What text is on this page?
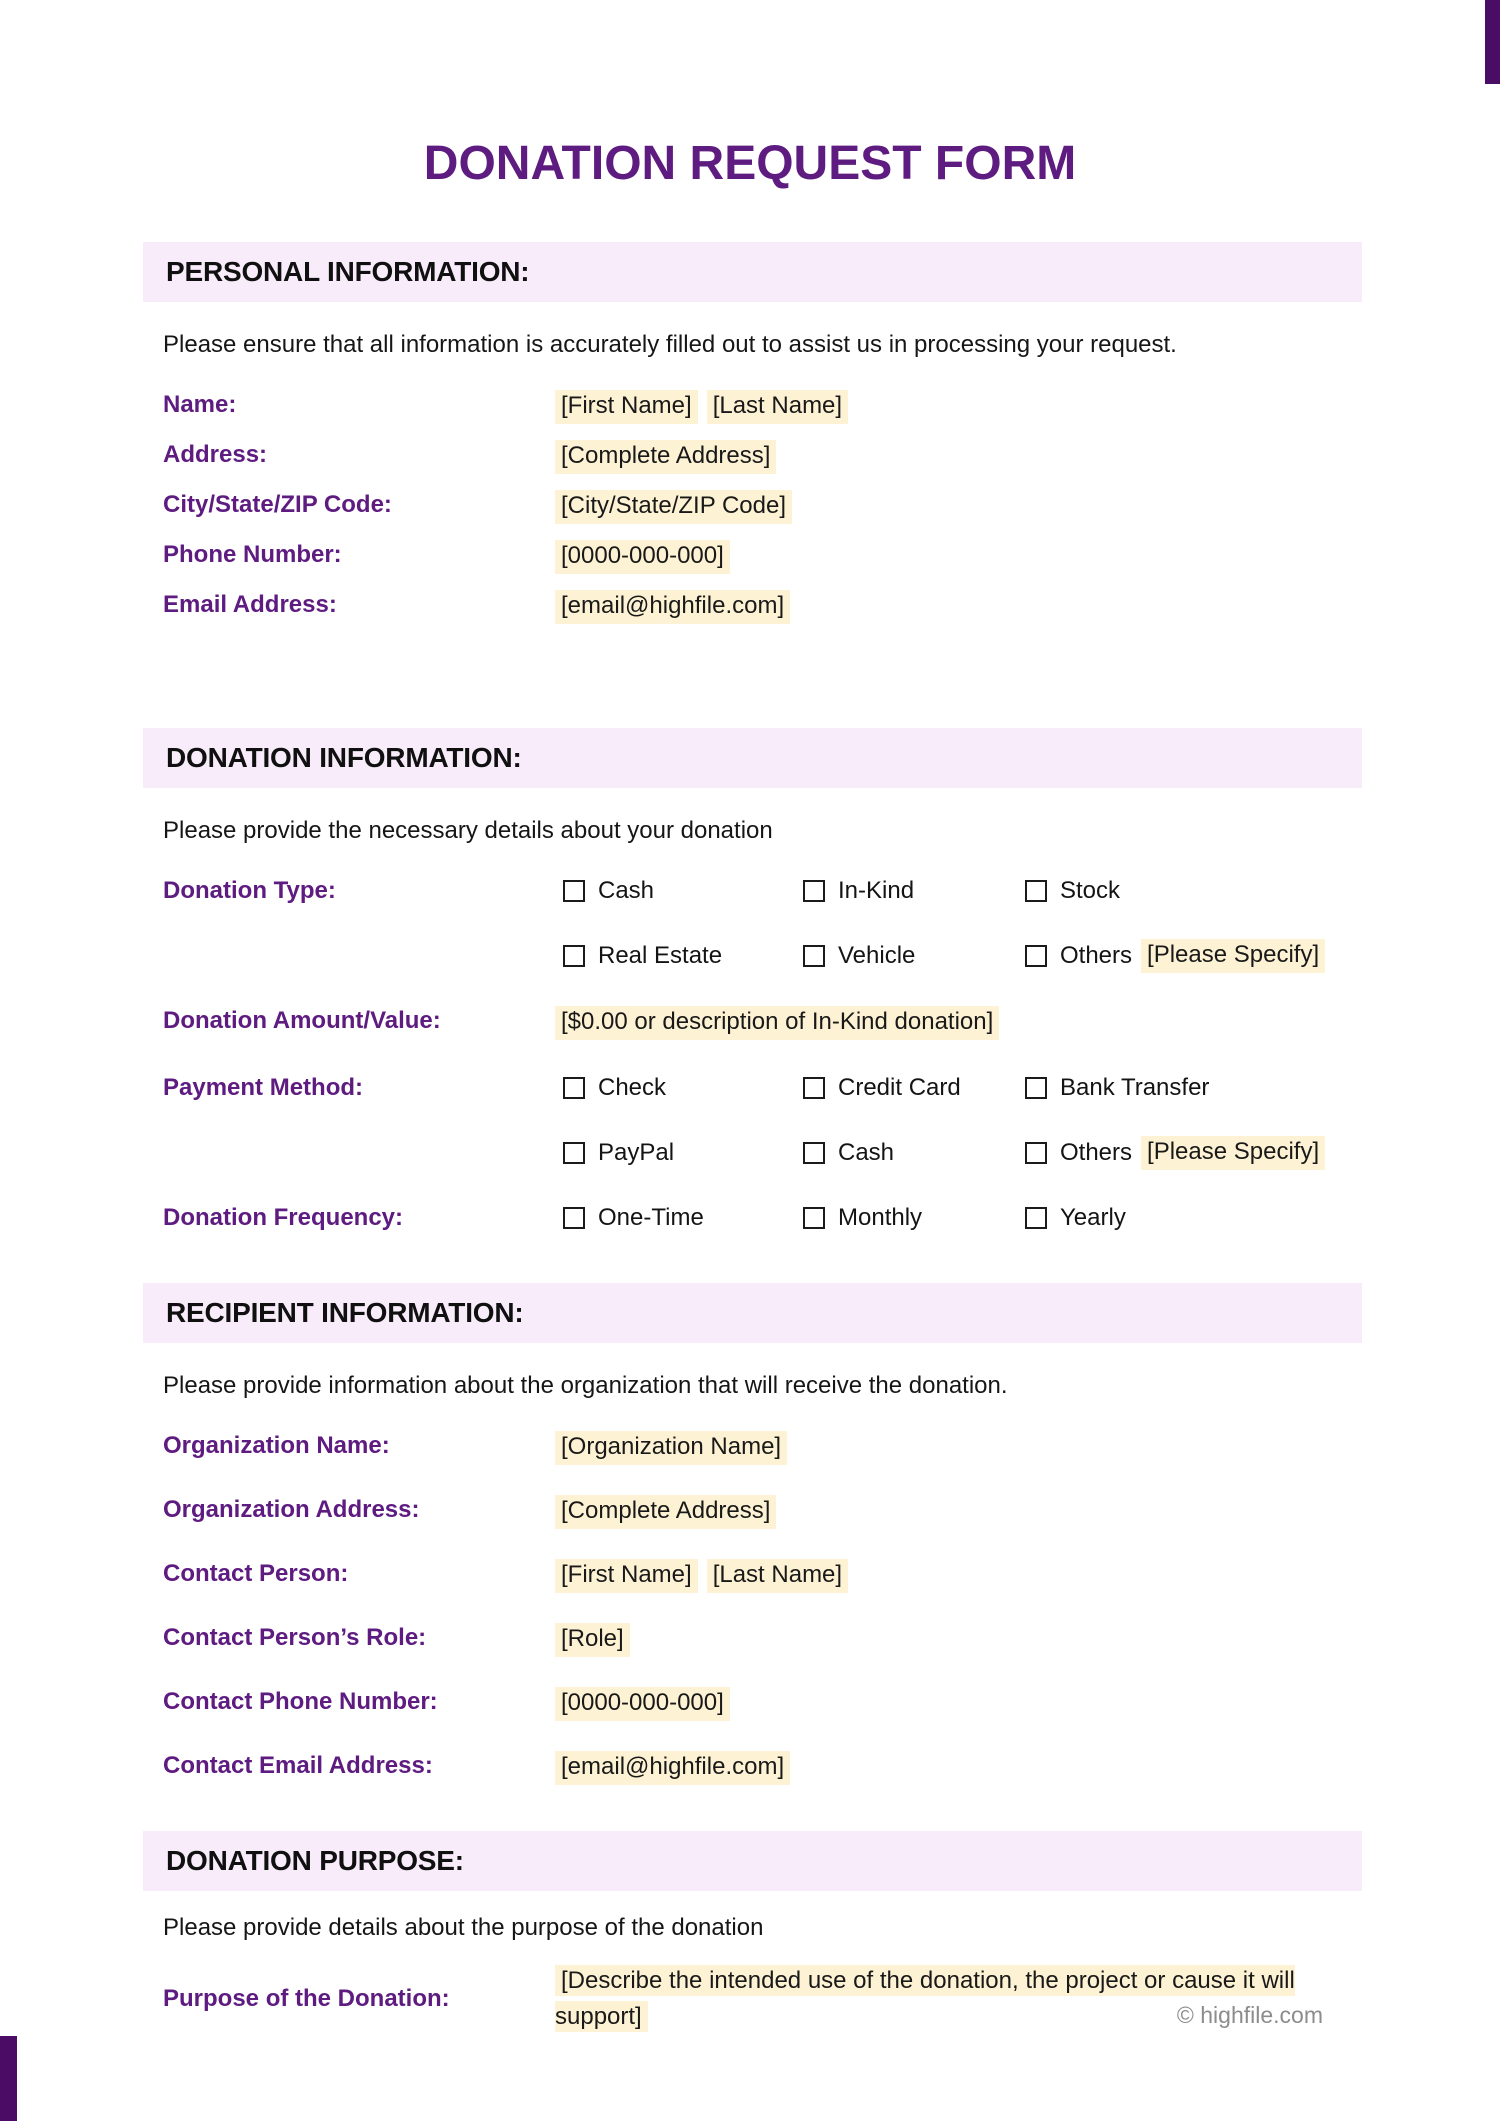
DONATION REQUEST FORM
PERSONAL INFORMATION:
Please ensure that all information is accurately filled out to assist us in processing your request.
Name:	[First Name] [Last Name]
Address:	[Complete Address]
City/State/ZIP Code:	[City/State/ZIP Code]
Phone Number:	[0000-000-000]
Email Address:	[email@highfile.com]
DONATION INFORMATION:
Please provide the necessary details about your donation
Donation Type:	Cash	In-Kind	Stock
Real Estate	Vehicle	Others [Please Specify]
Donation Amount/Value:	[$0.00 or description of In-Kind donation]
Payment Method:	Check	Credit Card	Bank Transfer
PayPal	Cash	Others [Please Specify]
Donation Frequency:	One-Time	Monthly	Yearly
RECIPIENT INFORMATION:
Please provide information about the organization that will receive the donation.
Organization Name:	[Organization Name]
Organization Address:	[Complete Address]
Contact Person:	[First Name] [Last Name]
Contact Person’s Role:	[Role]
Contact Phone Number:	[0000-000-000]
Contact Email Address:	[email@highfile.com]
DONATION PURPOSE:
Please provide details about the purpose of the donation
Purpose of the Donation:
[Describe the intended use of the donation, the project or cause it will support]	© highfile.com
